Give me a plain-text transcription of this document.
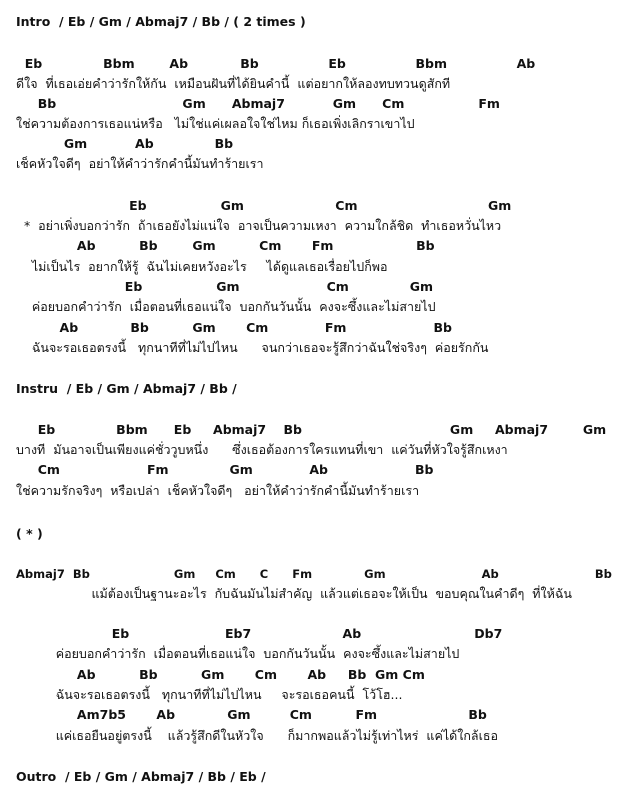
Intro  / Eb / Gm / Abmaj7 / Bb / ( 2 times )
Eb              Bbm        Ab            Bb                Eb                Bbm                Ab
ดีใจ  ที่เธอเอ่ยคำว่ารักให้กัน  เหมือนฝันที่ได้ยินคำนี้  แต่อยากให้ลองทบทวนดูสักที
Bb                             Gm      Abmaj7           Gm      Cm                 Fm
ใช่ความต้องการเธอแน่หรือ   ไม่ใช่แค่เผลอใจใช่ไหม ก็เธอเพิ่งเลิกราเขาไป
Gm           Ab              Bb
เช็คหัวใจดีๆ  อย่าให้คำว่ารักคำนี้มันทำร้ายเรา
Eb                 Gm                     Cm                              Gm
*  อย่าเพิ่งบอกว่ารัก  ถ้าเธอยังไม่แน่ใจ  อาจเป็นความเหงา  ความใกล้ชิด  ทำเธอหวั่นไหว
Ab          Bb        Gm          Cm       Fm                   Bb
ไม่เป็นไร  อยากให้รู้  ฉันไม่เคยหวังอะไร     ได้ดูแลเธอเรื่อยไปก็พอ
Eb                 Gm                    Cm              Gm
ค่อยบอกคำว่ารัก  เมื่อตอนที่เธอแน่ใจ  บอกกันวันนั้น  คงจะซึ้งและไม่สายไป
Ab            Bb          Gm       Cm             Fm                    Bb
ฉันจะรอเธอตรงนี้   ทุกนาทีที่ไม่ไปไหน      จนกว่าเธอจะรู้สึกว่าฉันใช่จริงๆ  ค่อยรักกัน
Instru  / Eb / Gm / Abmaj7 / Bb /
Eb              Bbm      Eb     Abmaj7    Bb                                  Gm     Abmaj7        Gm
บางที  มันอาจเป็นเพียงแค่ชั่ววูบหนึ่ง      ซึ่งเธอต้องการใครแทนที่เขา  แค่วันที่หัวใจรู้สึกเหงา
Cm                    Fm              Gm             Ab                    Bb
ใช่ความรักจริงๆ  หรือเปล่า  เช็คหัวใจดีๆ   อย่าให้คำว่ารักคำนี้มันทำร้ายเรา
( * )
Abmaj7  Bb                     Gm     Cm      C      Fm             Gm                        Ab                        Bb
แม้ต้องเป็นฐานะอะไร  กับฉันมันไม่สำคัญ  แล้วแต่เธอจะให้เป็น  ขอบคุณในคำดีๆ  ที่ให้ฉัน
Eb                      Eb7                     Ab                          Db7
ค่อยบอกคำว่ารัก  เมื่อตอนที่เธอแน่ใจ  บอกกันวันนั้น  คงจะซึ้งและไม่สายไป
Ab          Bb          Gm       Cm       Ab     Bb  Gm Cm
ฉันจะรอเธอตรงนี้   ทุกนาทีที่ไม่ไปไหน     จะรอเธอคนนี้  โว้โฮ...
Am7b5       Ab            Gm         Cm          Fm                     Bb
แค่เธอยืนอยู่ตรงนี้    แล้วรู้สึกดีในหัวใจ      ก็มากพอแล้วไม่รู้เท่าไหร่  แค่ได้ใกล้เธอ
Outro  / Eb / Gm / Abmaj7 / Bb / Eb /
